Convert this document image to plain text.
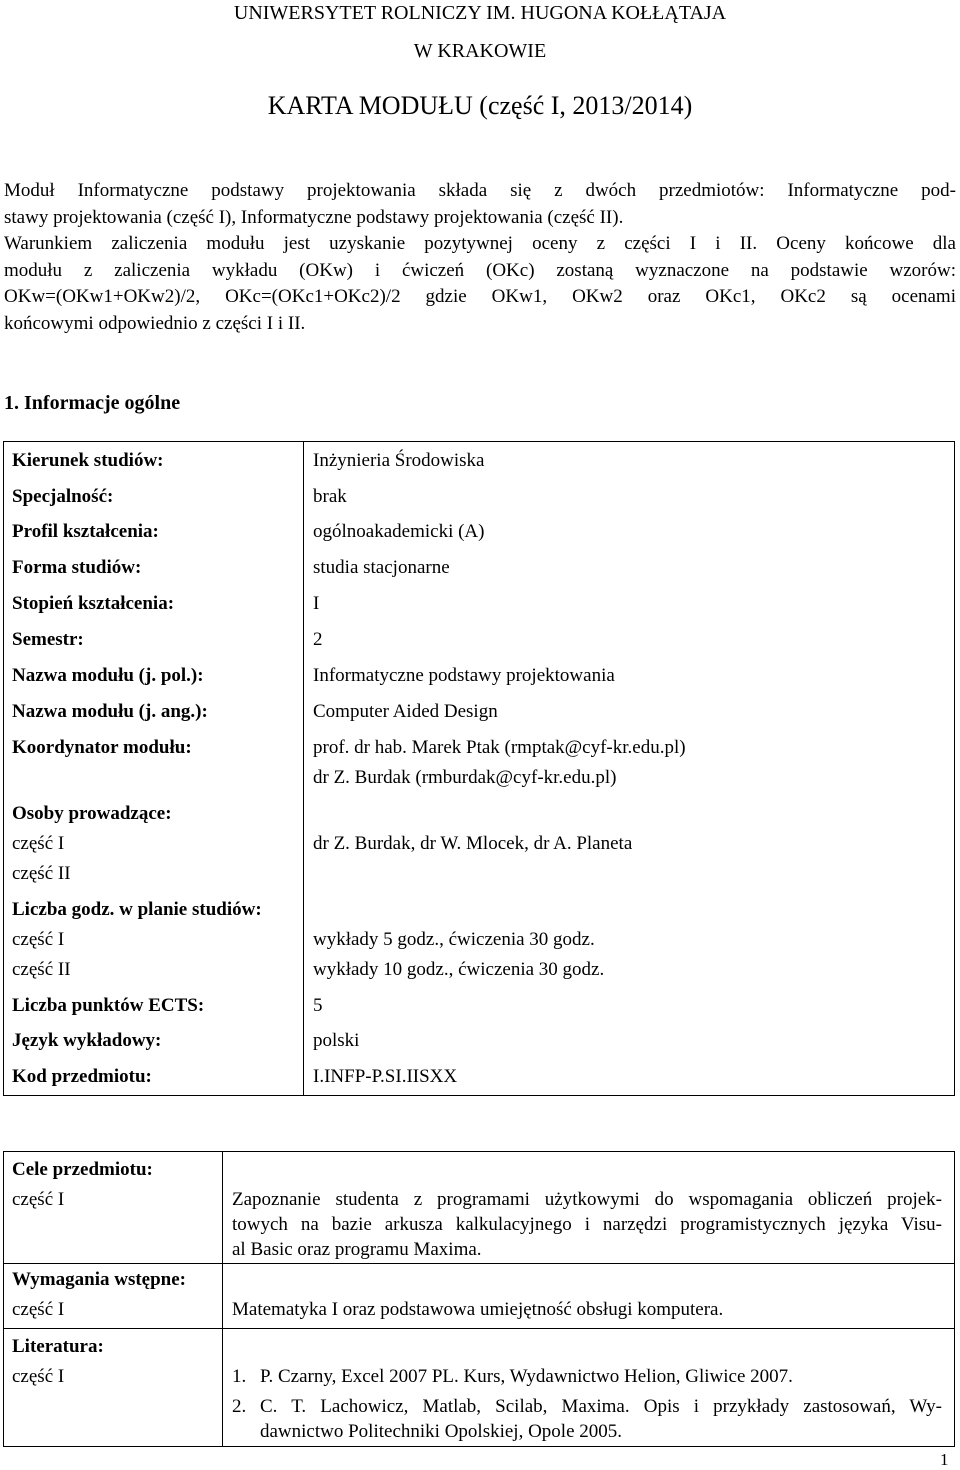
UNIWERSYTET ROLNICZY IM. HUGONA KOŁŁĄTAJA
W KRAKOWIE
KARTA MODUŁU (część I, 2013/2014)
Moduł Informatyczne podstawy projektowania składa się z dwóch przedmiotów: Informatyczne pod-
stawy projektowania (część I), Informatyczne podstawy projektowania (część II).
Warunkiem zaliczenia modułu jest uzyskanie pozytywnej oceny z części I i II. Oceny końcowe dla
modułu z zaliczenia wykładu (OKw) i ćwiczeń (OKc) zostaną wyznaczone na podstawie wzorów:
OKw=(OKw1+OKw2)/2, OKc=(OKc1+OKc2)/2 gdzie OKw1, OKw2 oraz OKc1, OKc2 są ocenami
końcowymi odpowiednio z części I i II.
1. Informacje ogólne
Kierunek studiów:	Inżynieria Środowiska
Specjalność:	brak
Profil kształcenia:	ogólnoakademicki (A)
Forma studiów:	studia stacjonarne
Stopień kształcenia:	I
Semestr:	2
Nazwa modułu (j. pol.):	Informatyczne podstawy projektowania
Nazwa modułu (j. ang.):	Computer Aided Design
Koordynator modułu:	prof. dr hab. Marek Ptak (rmptak@cyf-kr.edu.pl)
dr Z. Burdak (rmburdak@cyf-kr.edu.pl)
Osoby prowadzące:
część I	dr Z. Burdak, dr W. Mlocek, dr A. Planeta
część II
Liczba godz. w planie studiów:
część I	wykłady 5 godz., ćwiczenia 30 godz.
część II	wykłady 10 godz., ćwiczenia 30 godz.
Liczba punktów ECTS:	5
Język wykładowy:	polski
Kod przedmiotu:	I.INFP-P.SI.IISXX
Cele przedmiotu:
część I	Zapoznanie studenta z programami użytkowymi do wspomagania obliczeń projek-
towych na bazie arkusza kalkulacyjnego i narzędzi programistycznych języka Visu-
al Basic oraz programu Maxima.
Wymagania wstępne:
część I	Matematyka I oraz podstawowa umiejętność obsługi komputera.
Literatura:
część I	1. P. Czarny, Excel 2007 PL. Kurs, Wydawnictwo Helion, Gliwice 2007.
2. C. T. Lachowicz, Matlab, Scilab, Maxima. Opis i przykłady zastosowań, Wy-
dawnictwo Politechniki Opolskiej, Opole 2005.
1
